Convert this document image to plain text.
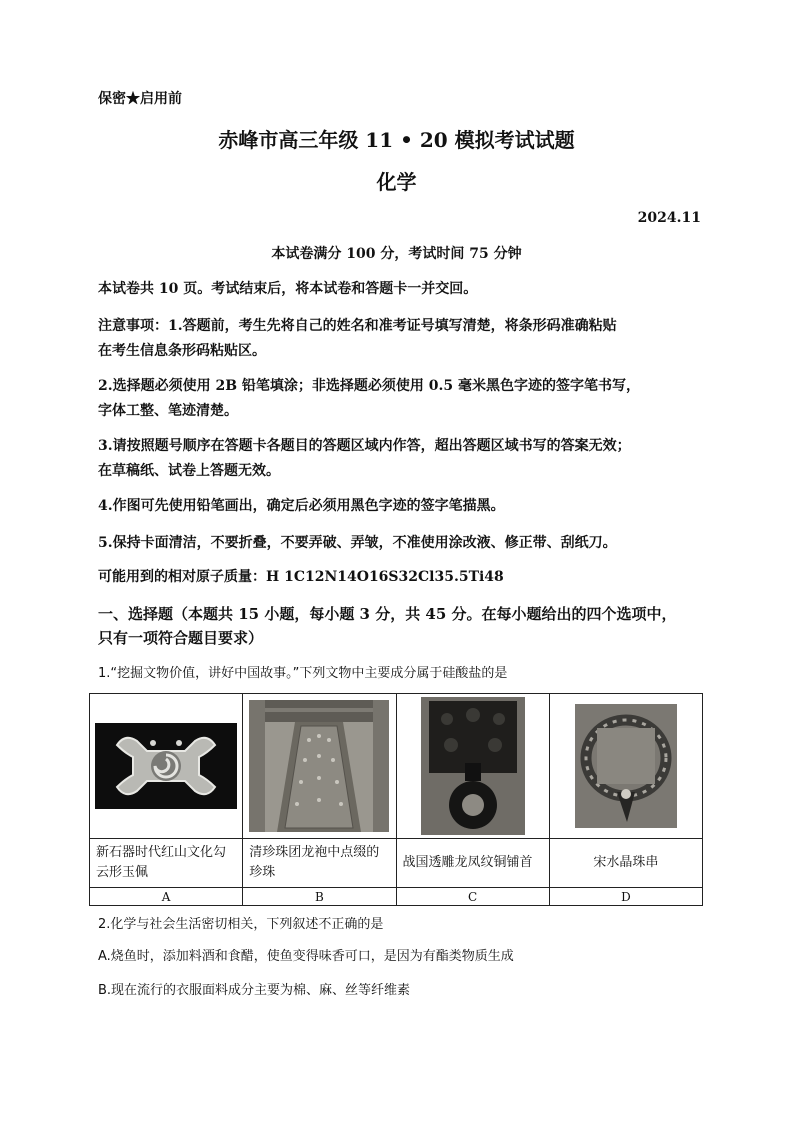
保密★启用前
赤峰市高三年级 11 • 20 模拟考试试题
化学
2024.11
本试卷满分 100 分，考试时间 75 分钟
本试卷共 10 页。考试结束后，将本试卷和答题卡一并交回。
注意事项：1.答题前，考生先将自己的姓名和准考证号填写清楚，将条形码准确粘贴
在考生信息条形码粘贴区。
2.选择题必须使用 2B 铅笔填涂；非选择题必须使用 0.5 毫米黑色字迹的签字笔书写，
字体工整、笔迹清楚。
3.请按照题号顺序在答题卡各题目的答题区域内作答，超出答题区域书写的答案无效；
在草稿纸、试卷上答题无效。
4.作图可先使用铅笔画出，确定后必须用黑色字迹的签字笔描黑。
5.保持卡面清洁，不要折叠，不要弄破、弄皱，不准使用涂改液、修正带、刮纸刀。
可能用到的相对原子质量：H 1C12N14O16S32Cl35.5Ti48
一、选择题（本题共 15 小题，每小题 3 分，共 45 分。在每小题给出的四个选项中，
只有一项符合题目要求）
1.“挖掘文物价值，讲好中国故事。”下列文物中主要成分属于硅酸盐的是

新石器时代红山文化勾云形玉佩	清珍珠团龙袍中点缀的珍珠	战国透雕龙凤纹铜铺首	宋水晶珠串
A	B	C	D
2.化学与社会生活密切相关，下列叙述不正确的是
A.烧鱼时，添加料酒和食醋，使鱼变得味香可口，是因为有酯类物质生成
B.现在流行的衣服面料成分主要为棉、麻、丝等纤维素
